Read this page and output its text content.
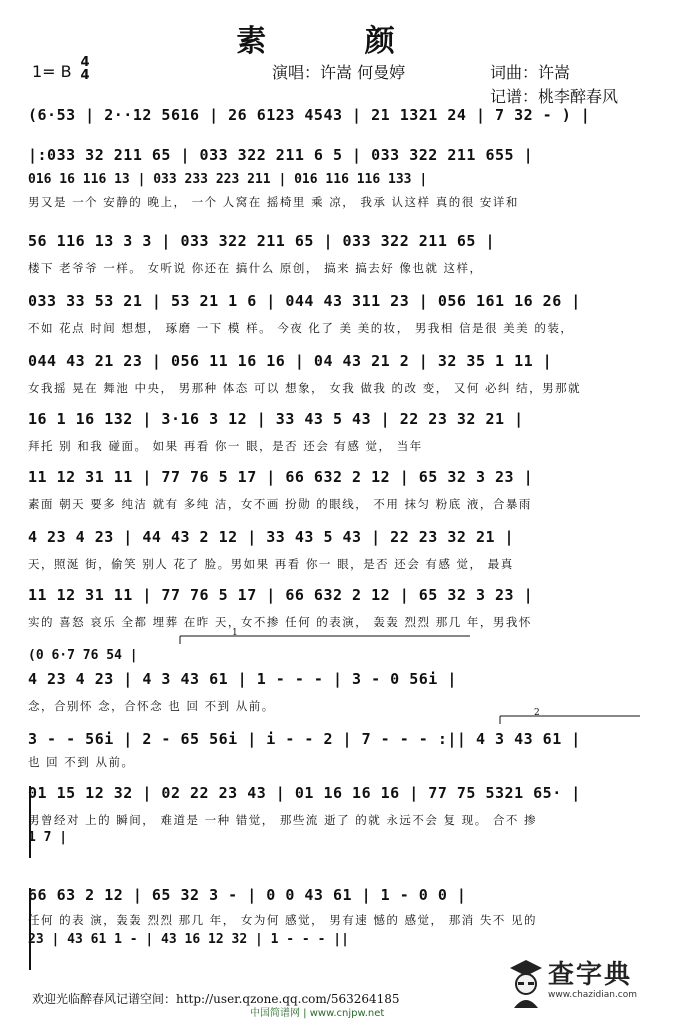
素 颜
1= B 4
4	演唱：许嵩 何曼婷	词曲：许嵩
记谱：桃李醉春风
(6·53 | 2··12 5616 | 26 6123 4543 | 21 1321 24 | 7 32 - ) |
|:033 32 211 65 | 033 322 211 6 5 | 033 322 211 655 |
016 16 116 13 | 033 233 223 211 | 016 116 116 133 |
男又是 一个 安静的 晚上， 一个 人窝在 摇椅里 乘 凉， 我承 认这样 真的很 安详和
56 116 13 3 3 | 033 322 211 65 | 033 322 211 65 |
楼下 老爷爷 一样。 女听说 你还在 搞什么 原创， 搞来 搞去好 像也就 这样，
033 33 53 21 | 53 21 1 6 | 044 43 311 23 | 056 161 16 26 |
不如 花点 时间 想想， 琢磨 一下 模 样。 今夜 化了 美 美的妆， 男我相 信是很 美美 的装，
044 43 21 23 | 056 11 16 16 | 04 43 21 2 | 32 35 1 11 |
女我摇 晃在 舞池 中央， 男那种 体态 可以 想象， 女我 做我 的改 变， 又何 必纠 结，男那就
16 1 16 132 | 3·16 3 12 | 33 43 5 43 | 22 23 32 21 |
拜托 别 和我 碰面。 如果 再看 你一 眼，是否 还会 有感 觉， 当年
11 12 31 11 | 77 76 5 17 | 66 632 2 12 | 65 32 3 23 |
素面 朝天 要多 纯洁 就有 多纯 洁，女不画 扮勋 的眼线， 不用 抹匀 粉底 液，合暴雨
4 23 4 23 | 44 43 2 12 | 33 43 5 43 | 22 23 32 21 |
天，照涎 街，偷笑 别人 花了 脸。男如果 再看 你一 眼，是否 还会 有感 觉， 最真
11 12 31 11 | 77 76 5 17 | 66 632 2 12 | 65 32 3 23 |
实的 喜怒 哀乐 全都 埋葬 在昨 天，女不掺 任何 的表演， 轰轰 烈烈 那几 年，男我怀
1
(0 6·7 76 54 |
4 23 4 23 | 4 3 43 61 | 1 - - - | 3 - 0 56i |
念，合别怀 念，合怀念 也 回 不到 从前。	2
3 - - 56i | 2 - 65 56i | i - - 2 | 7 - - - :|| 4 3 43 61 |
也 回 不到 从前。
01 15 12 32 | 02 22 23 43 | 01 16 16 16 | 77 75 5321 65· |
男曾经对 上的 瞬间， 难道是 一种 错觉， 那些流 逝了 的就 永远不会 复 现。 合不 掺
1 7 |
66 63 2 12 | 65 32 3 - | 0 0 43 61 | 1 - 0 0 |
23 | 43 61 1 - | 43 16 12 32 | 1 - - - ||
任何 的表 演，轰轰 烈烈 那几 年， 女为何 感觉， 男有速 憾的 感觉， 那消 失不 见的
欢迎光临醉春风记谱空间：http://user.qzone.qq.com/563264185
中国简谱网 | www.cnjpw.net
查字典
www.chazidian.com
